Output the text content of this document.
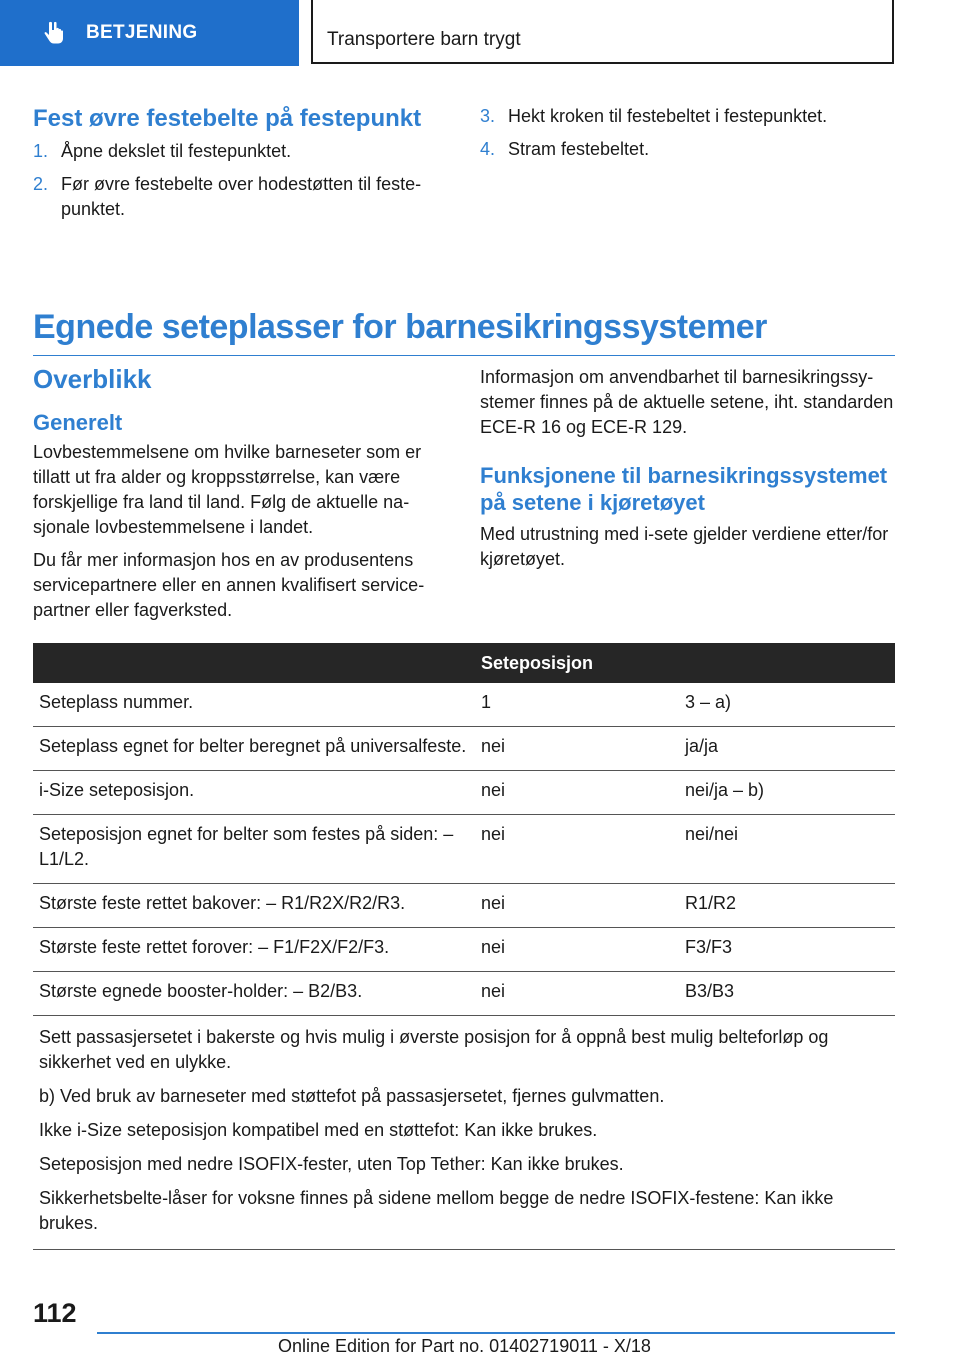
BETJENING	Transportere barn trygt
Fest øvre festebelte på festepunkt
1. Åpne dekslet til festepunktet.
2. Før øvre festebelte over hodestøtten til festepunktet.
3. Hekt kroken til festebeltet i festepunktet.
4. Stram festebeltet.
Egnede seteplasser for barnesikringssystemer
Overblikk
Generelt

Lovbestemmelsene om hvilke barneseter som er tillatt ut fra alder og kroppsstørrelse, kan være forskjellige fra land til land. Følg de aktuelle nasjonale lovbestemmelsene i landet.

Du får mer informasjon hos en av produsentens servicepartnere eller en annen kvalifisert servicepartner eller fagverksted.

Informasjon om anvendbarhet til barnesikringssystemer finnes på de aktuelle setene, iht. standarden ECE-R 16 og ECE-R 129.

Funksjonene til barnesikringssystemet på setene i kjøretøyet

Med utrustning med i-sete gjelder verdiene etter/for kjøretøyet.

	Seteposisjon	
Seteplass nummer.	1	3 – a)
Seteplass egnet for belter beregnet på universalfeste.	nei	ja/ja
i-Size seteposisjon.	nei	nei/ja – b)
Seteposisjon egnet for belter som festes på siden: – L1/L2.	nei	nei/nei
Største feste rettet bakover: – R1/R2X/R2/R3.	nei	R1/R2
Største feste rettet forover: – F1/F2X/F2/F3.	nei	F3/F3
Største egnede booster-holder: – B2/B3.	nei	B3/B3

Sett passasjersetet i bakerste og hvis mulig i øverste posisjon for å oppnå best mulig belteforløp og sikkerhet ved en ulykke.

b) Ved bruk av barneseter med støttefot på passasjersetet, fjernes gulvmatten.

Ikke i-Size seteposisjon kompatibel med en støttefot: Kan ikke brukes.

Seteposisjon med nedre ISOFIX-fester, uten Top Tether: Kan ikke brukes.

Sikkerhetsbelte-låser for voksne finnes på sidene mellom begge de nedre ISOFIX-festene: Kan ikke brukes.		

112
Online Edition for Part no. 01402719011 - X/18
